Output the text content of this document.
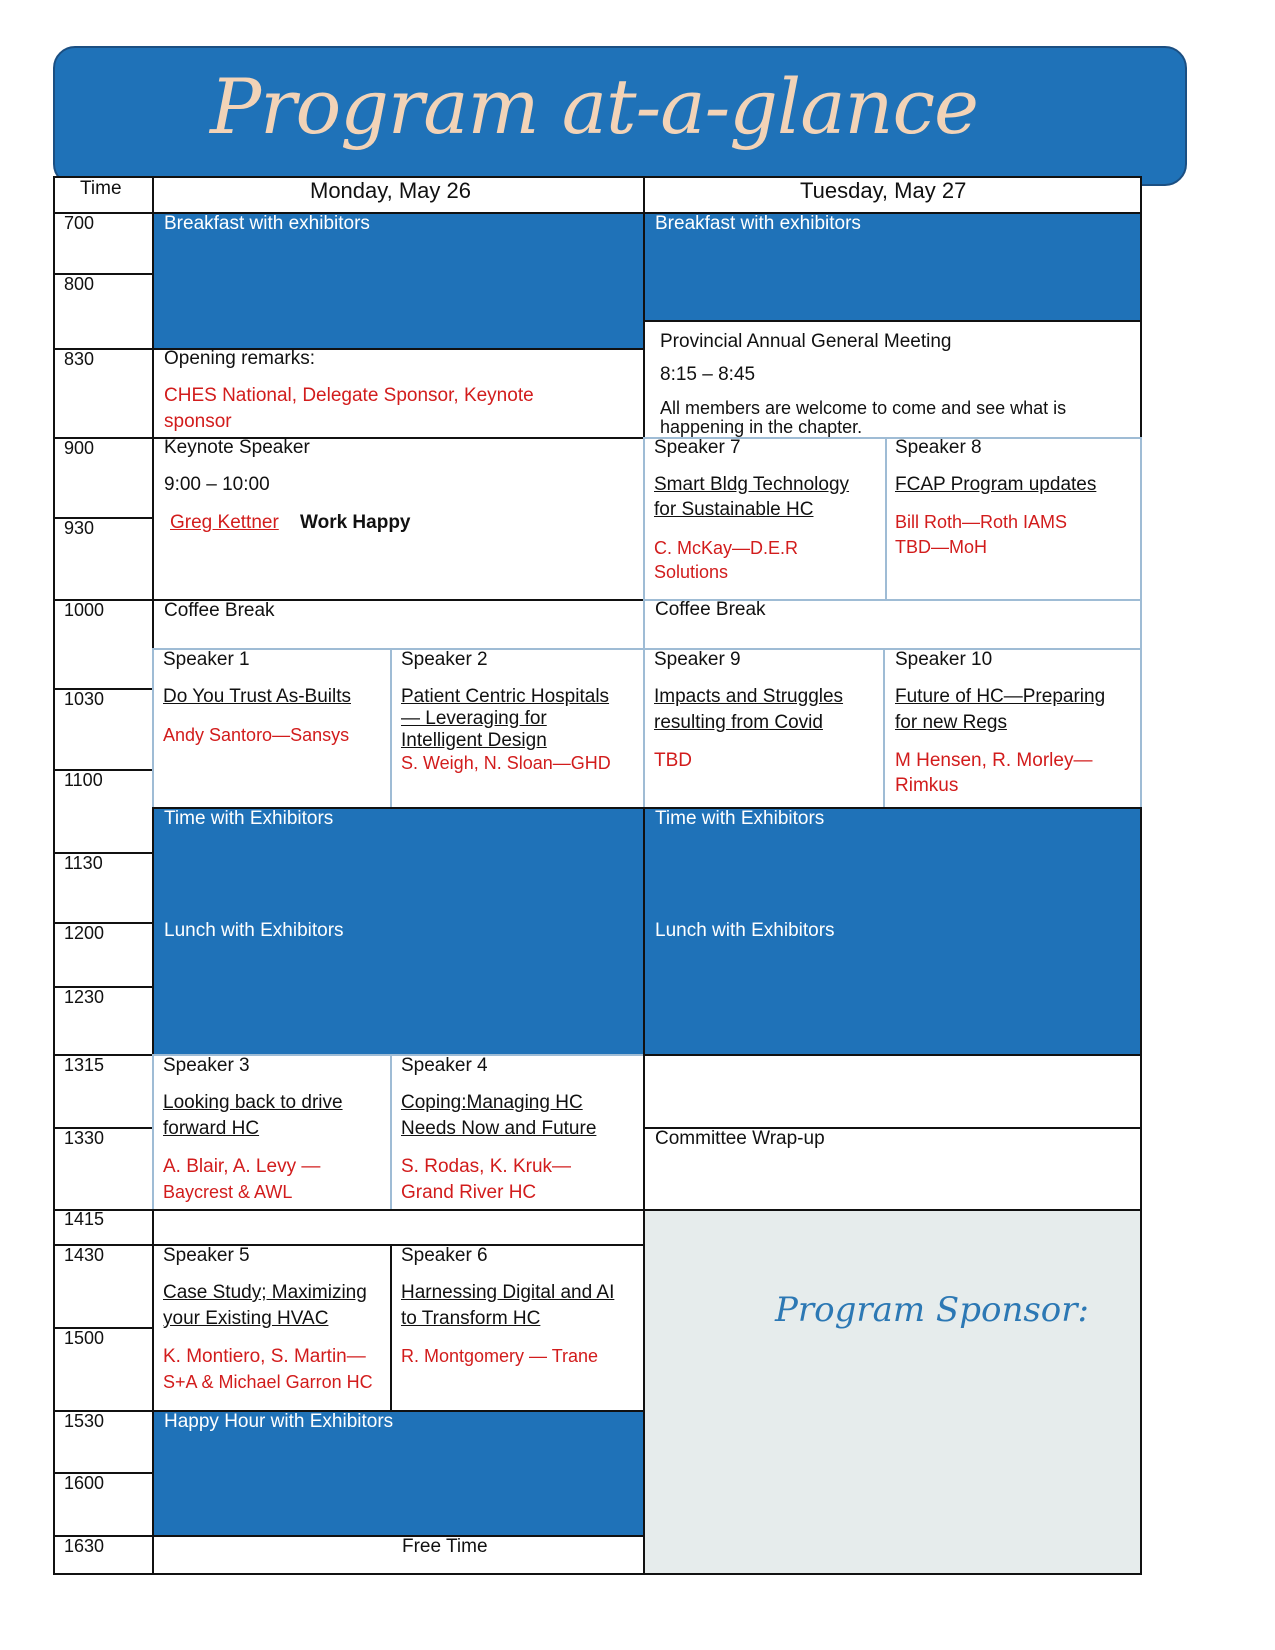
Program at-a-glance
Time	Monday, May 26	Tuesday, May 27
700
800
830
900
930
1000
1030
1100
1130
1200
1230
1315
1330
1415
1430
1500
1530
1600
1630
Breakfast with exhibitors
Opening remarks:
CHES National, Delegate Sponsor, Keynote
sponsor
Keynote Speaker
9:00 – 10:00
Greg Kettner Work Happy
Coffee Break
Speaker 1
Do You Trust As-Builts
Andy Santoro—Sansys
Speaker 2
Patient Centric Hospitals
— Leveraging for
Intelligent Design
S. Weigh, N. Sloan—GHD
Time with Exhibitors
Lunch with Exhibitors
Speaker 3
Looking back to drive
forward HC
A. Blair, A. Levy —
Baycrest & AWL
Speaker 4
Coping:Managing HC
Needs Now and Future
S. Rodas, K. Kruk—
Grand River HC
Speaker 5
Case Study; Maximizing
your Existing HVAC
K. Montiero, S. Martin—
S+A & Michael Garron HC
Speaker 6
Harnessing Digital and AI
to Transform HC
R. Montgomery — Trane
Happy Hour with Exhibitors
Free Time
Breakfast with exhibitors
Provincial Annual General Meeting
8:15 – 8:45
All members are welcome to come and see what is
happening in the chapter.
Speaker 7
Smart Bldg Technology
for Sustainable HC
C. McKay—D.E.R
Solutions
Speaker 8
FCAP Program updates
Bill Roth—Roth IAMS
TBD—MoH
Coffee Break
Speaker 9
Impacts and Struggles
resulting from Covid
TBD
Speaker 10
Future of HC—Preparing
for new Regs
M Hensen, R. Morley—
Rimkus
Time with Exhibitors
Lunch with Exhibitors
Committee Wrap-up
Program Sponsor:
